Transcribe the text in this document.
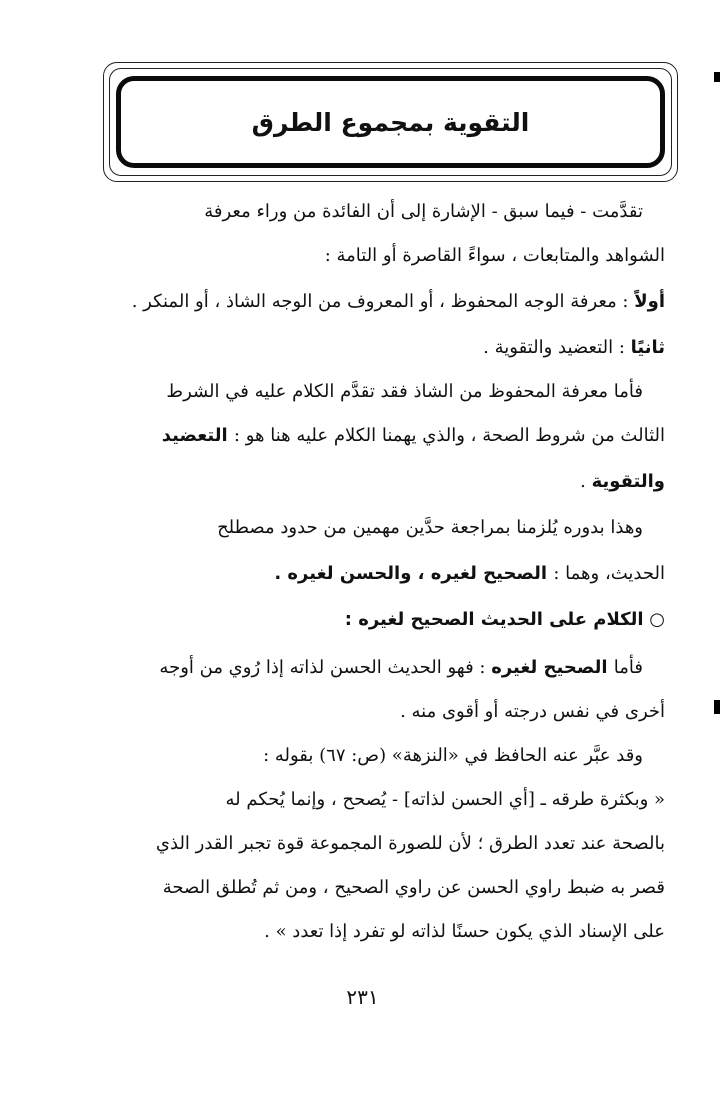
التقوية بمجموع الطرق
تقدَّمت - فيما سبق - الإشارة إلى أن الفائدة من وراء معرفة
الشواهد والمتابعات ، سواءً القاصرة أو التامة :
أولاً : معرفة الوجه المحفوظ ، أو المعروف من الوجه الشاذ ، أو المنكر .
ثانيًا : التعضيد والتقوية .
فأما معرفة المحفوظ من الشاذ فقد تقدَّم الكلام عليه في الشرط
الثالث من شروط الصحة ، والذي يهمنا الكلام عليه هنا هو : التعضيد
والتقوية .
وهذا بدوره يُلزمنا بمراجعة حدَّين مهمين من حدود مصطلح
الحديث، وهما : الصحيح لغيره ، والحسن لغيره .
○ الكلام على الحديث الصحيح لغيره :
فأما الصحيح لغيره : فهو الحديث الحسن لذاته إذا رُوي من أوجه
أخرى في نفس درجته أو أقوى منه .
وقد عبَّر عنه الحافظ في «النزهة» (ص: ٦٧) بقوله :
« وبكثرة طرقه ـ [أي الحسن لذاته] - يُصحح ، وإنما يُحكم له
بالصحة عند تعدد الطرق ؛ لأن للصورة المجموعة قوة تجبر القدر الذي
قصر به ضبط راوي الحسن عن راوي الصحيح ، ومن ثم تُطلق الصحة
على الإسناد الذي يكون حسنًا لذاته لو تفرد إذا تعدد » .
٢٣١
